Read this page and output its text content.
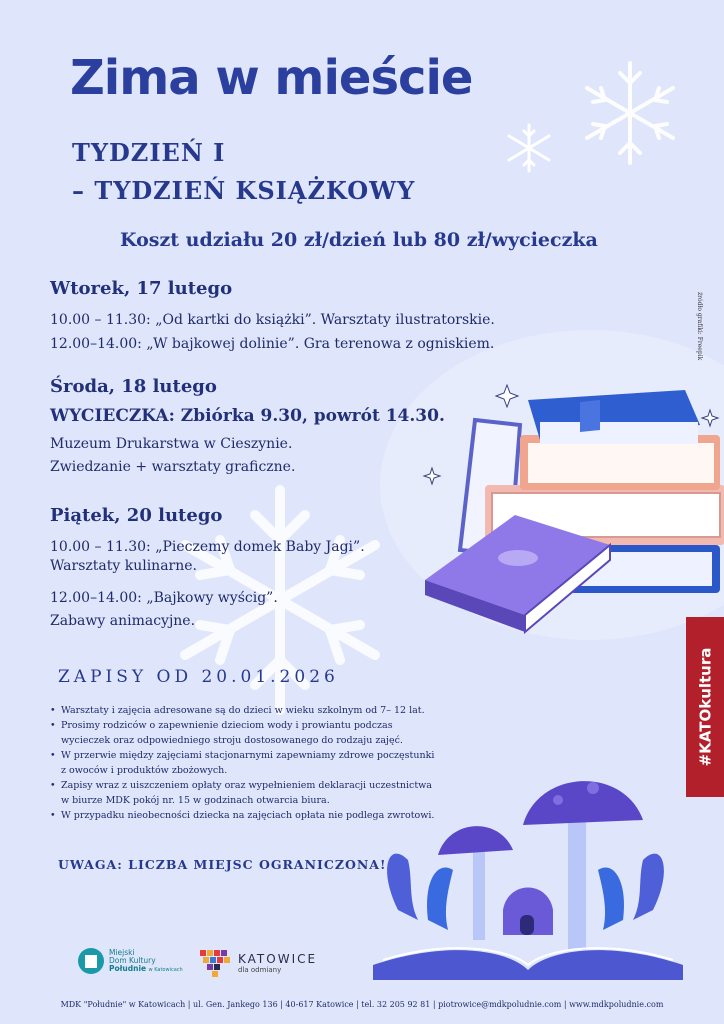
Zima w mieście
TYDZIEŃ I
– TYDZIEŃ KSIĄŻKOWY
Koszt udziału 20 zł/dzień lub 80 zł/wycieczka
Wtorek, 17 lutego
10.00 – 11.30: „Od kartki do książki”. Warsztaty ilustratorskie.
12.00–14.00: „W bajkowej dolinie”. Gra terenowa z ogniskiem.
Środa, 18 lutego
WYCIECZKA: Zbiórka 9.30, powrót 14.30.
Muzeum Drukarstwa w Cieszynie.
Zwiedzanie + warsztaty graficzne.
Piątek, 20 lutego
10.00 – 11.30: „Pieczemy domek Baby Jagi”.
Warsztaty kulinarne.
12.00–14.00: „Bajkowy wyścig”.
Zabawy animacyjne.
ZAPISY OD 20.01.2026
• Warsztaty i zajęcia adresowane są do dzieci w wieku szkolnym od 7– 12 lat.
• Prosimy rodziców o zapewnienie dzieciom wody i prowiantu podczas
wycieczek oraz odpowiedniego stroju dostosowanego do rodzaju zajęć.
• W przerwie między zajęciami stacjonarnymi zapewniamy zdrowe poczęstunki
z owoców i produktów zbożowych.
• Zapisy wraz z uiszczeniem opłaty oraz wypełnieniem deklaracji uczestnictwa
w biurze MDK pokój nr. 15 w godzinach otwarcia biura.
• W przypadku nieobecności dziecka na zajęciach opłata nie podlega zwrotowi.
UWAGA: LICZBA MIEJSC OGRANICZONA!
źródło grafiki: Freepik
#KATOkultura
Miejski
Dom Kultury
Południe w Katowicach
KATOWICE
dla odmiany
MDK "Południe" w Katowicach | ul. Gen. Jankego 136 | 40-617 Katowice | tel. 32 205 92 81 | piotrowice@mdkpoludnie.com | www.mdkpoludnie.com
